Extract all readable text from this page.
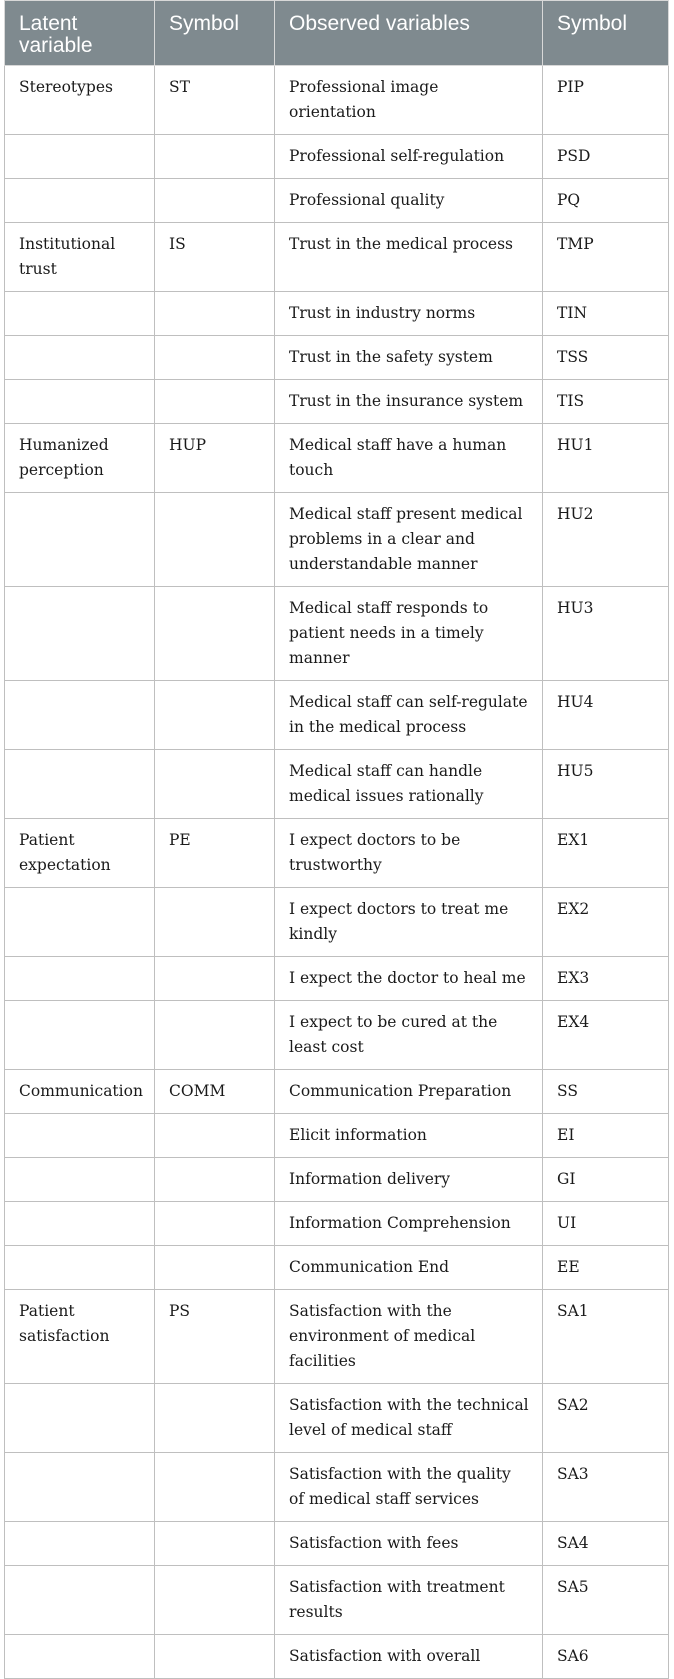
Latent variable	Symbol	Observed variables	Symbol
Stereotypes	ST	Professional image orientation	PIP
		Professional self-regulation	PSD
		Professional quality	PQ
Institutional trust	IS	Trust in the medical process	TMP
		Trust in industry norms	TIN
		Trust in the safety system	TSS
		Trust in the insurance system	TIS
Humanized perception	HUP	Medical staff have a human touch	HU1
		Medical staff present medical problems in a clear and understandable manner	HU2
		Medical staff responds to patient needs in a timely manner	HU3
		Medical staff can self-regulate in the medical process	HU4
		Medical staff can handle medical issues rationally	HU5
Patient expectation	PE	I expect doctors to be trustworthy	EX1
		I expect doctors to treat me kindly	EX2
		I expect the doctor to heal me	EX3
		I expect to be cured at the least cost	EX4
Communication	COMM	Communication Preparation	SS
		Elicit information	EI
		Information delivery	GI
		Information Comprehension	UI
		Communication End	EE
Patient satisfaction	PS	Satisfaction with the environment of medical facilities	SA1
		Satisfaction with the technical level of medical staff	SA2
		Satisfaction with the quality of medical staff services	SA3
		Satisfaction with fees	SA4
		Satisfaction with treatment results	SA5
		Satisfaction with overall	SA6
